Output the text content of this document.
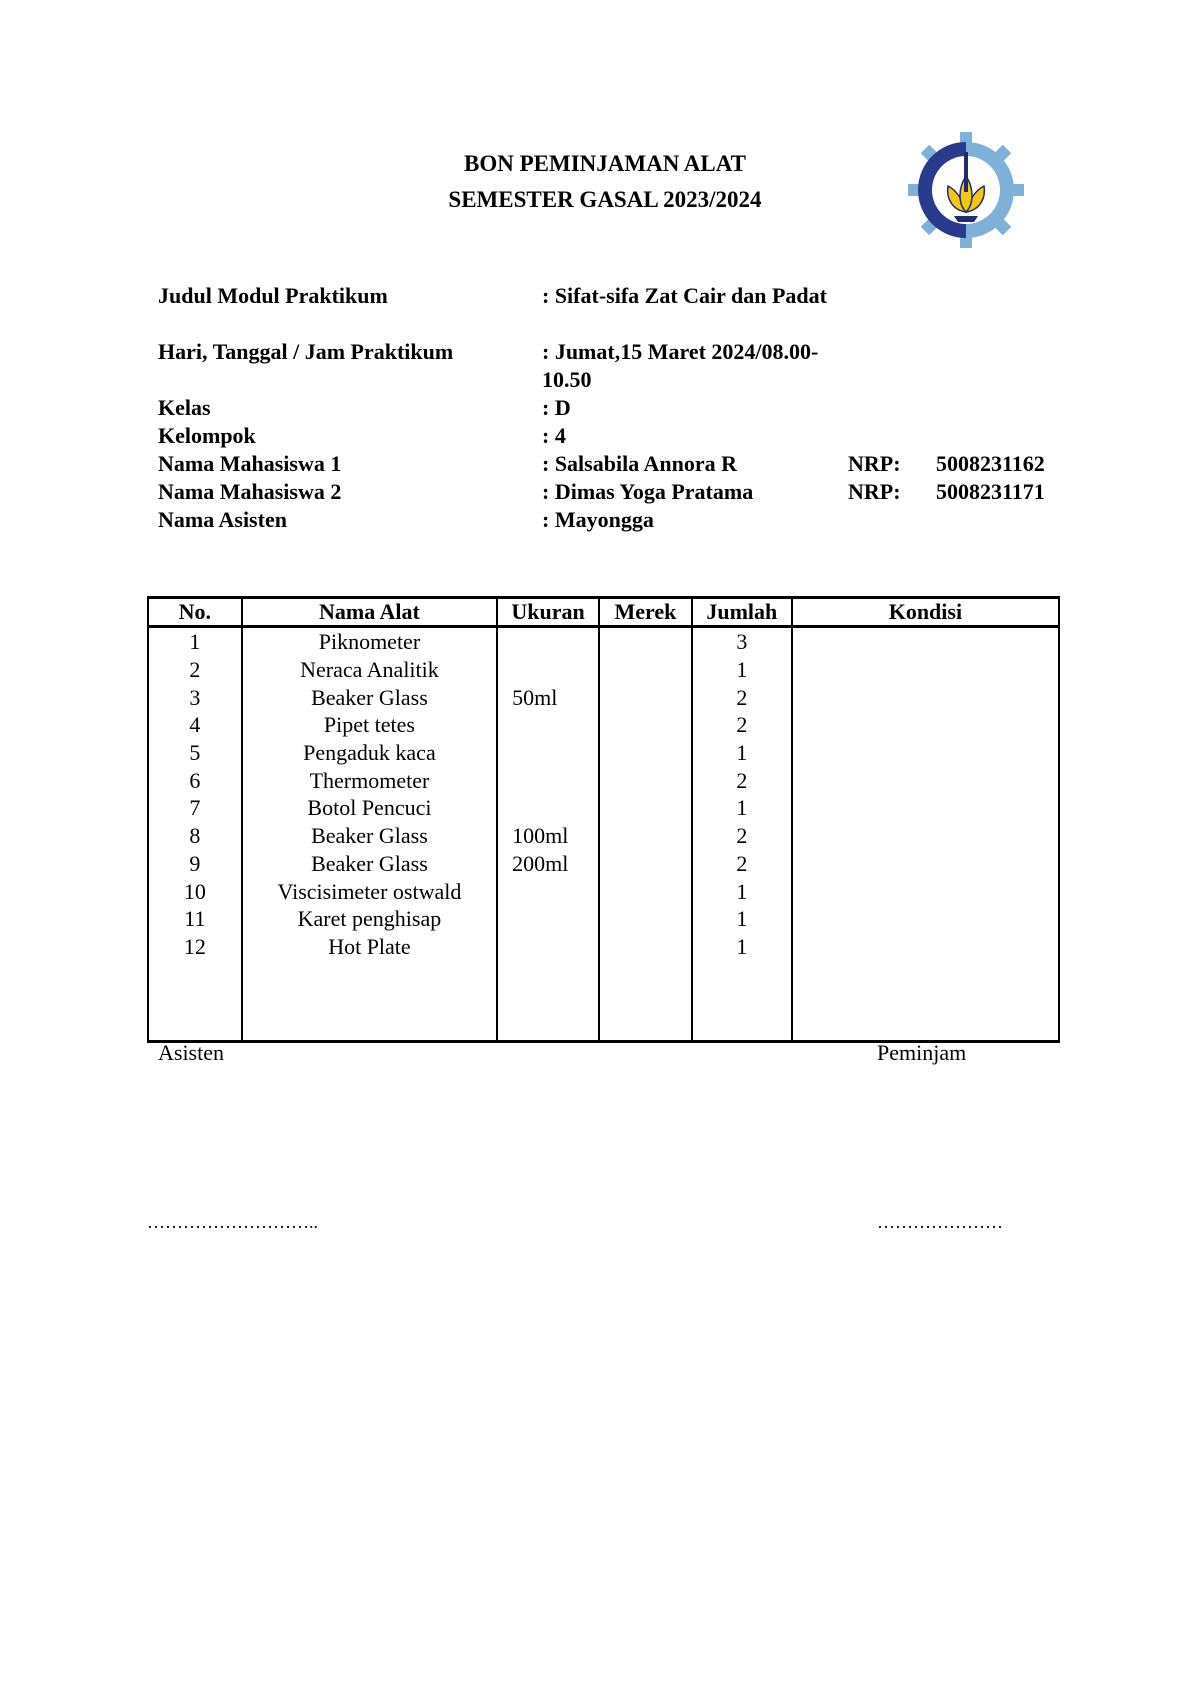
BON PEMINJAMAN ALAT
SEMESTER GASAL 2023/2024
Judul Modul Praktikum	: Sifat-sifa Zat Cair dan Padat
Hari, Tanggal / Jam Praktikum	: Jumat,15 Maret 2024/08.00-10.50
Kelas	: D
Kelompok	: 4
Nama Mahasiswa 1	: Salsabila Annora R	NRP: 5008231162
Nama Mahasiswa 2	: Dimas Yoga Pratama	NRP: 5008231171
Nama Asisten	: Mayongga
No.	Nama Alat	Ukuran	Merek	Jumlah	Kondisi
1	Piknometer			3	
2	Neraca Analitik			1	
3	Beaker Glass	50ml		2	
4	Pipet tetes			2	
5	Pengaduk kaca			1	
6	Thermometer			2	
7	Botol Pencuci			1	
8	Beaker Glass	100ml		2	
9	Beaker Glass	200ml		2	
10	Viscisimeter ostwald			1	
11	Karet penghisap			1	
12	Hot Plate			1	

Asisten	Peminjam
………………………..	…………………
